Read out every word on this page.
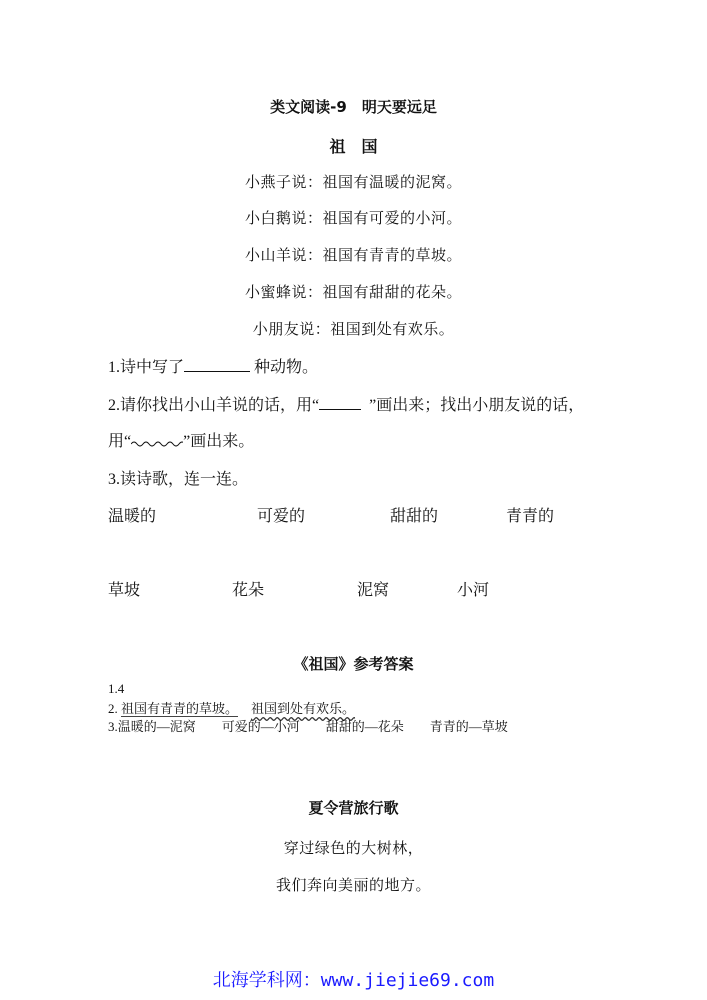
类文阅读-9　明天要远足
祖　国
小燕子说：祖国有温暖的泥窝。
小白鹅说：祖国有可爱的小河。
小山羊说：祖国有青青的草坡。
小蜜蜂说：祖国有甜甜的花朵。
小朋友说：祖国到处有欢乐。
1.诗中写了	种动物。
2.请你找出小山羊说的话，用“	”画出来；找出小朋友说的话，
用“	”画出来。
3.读诗歌，连一连。
温暖的	可爱的	甜甜的	青青的
草坡	花朵	泥窝	小河
《祖国》参考答案
1.4
2. 祖国有青青的草坡。 祖国到处有欢乐。
3.温暖的—泥窝　　可爱的—小河　　甜甜的—花朵　　青青的—草坡
夏令营旅行歌
穿过绿色的大树林，
我们奔向美丽的地方。
北海学科网：www.jiejie69.com
